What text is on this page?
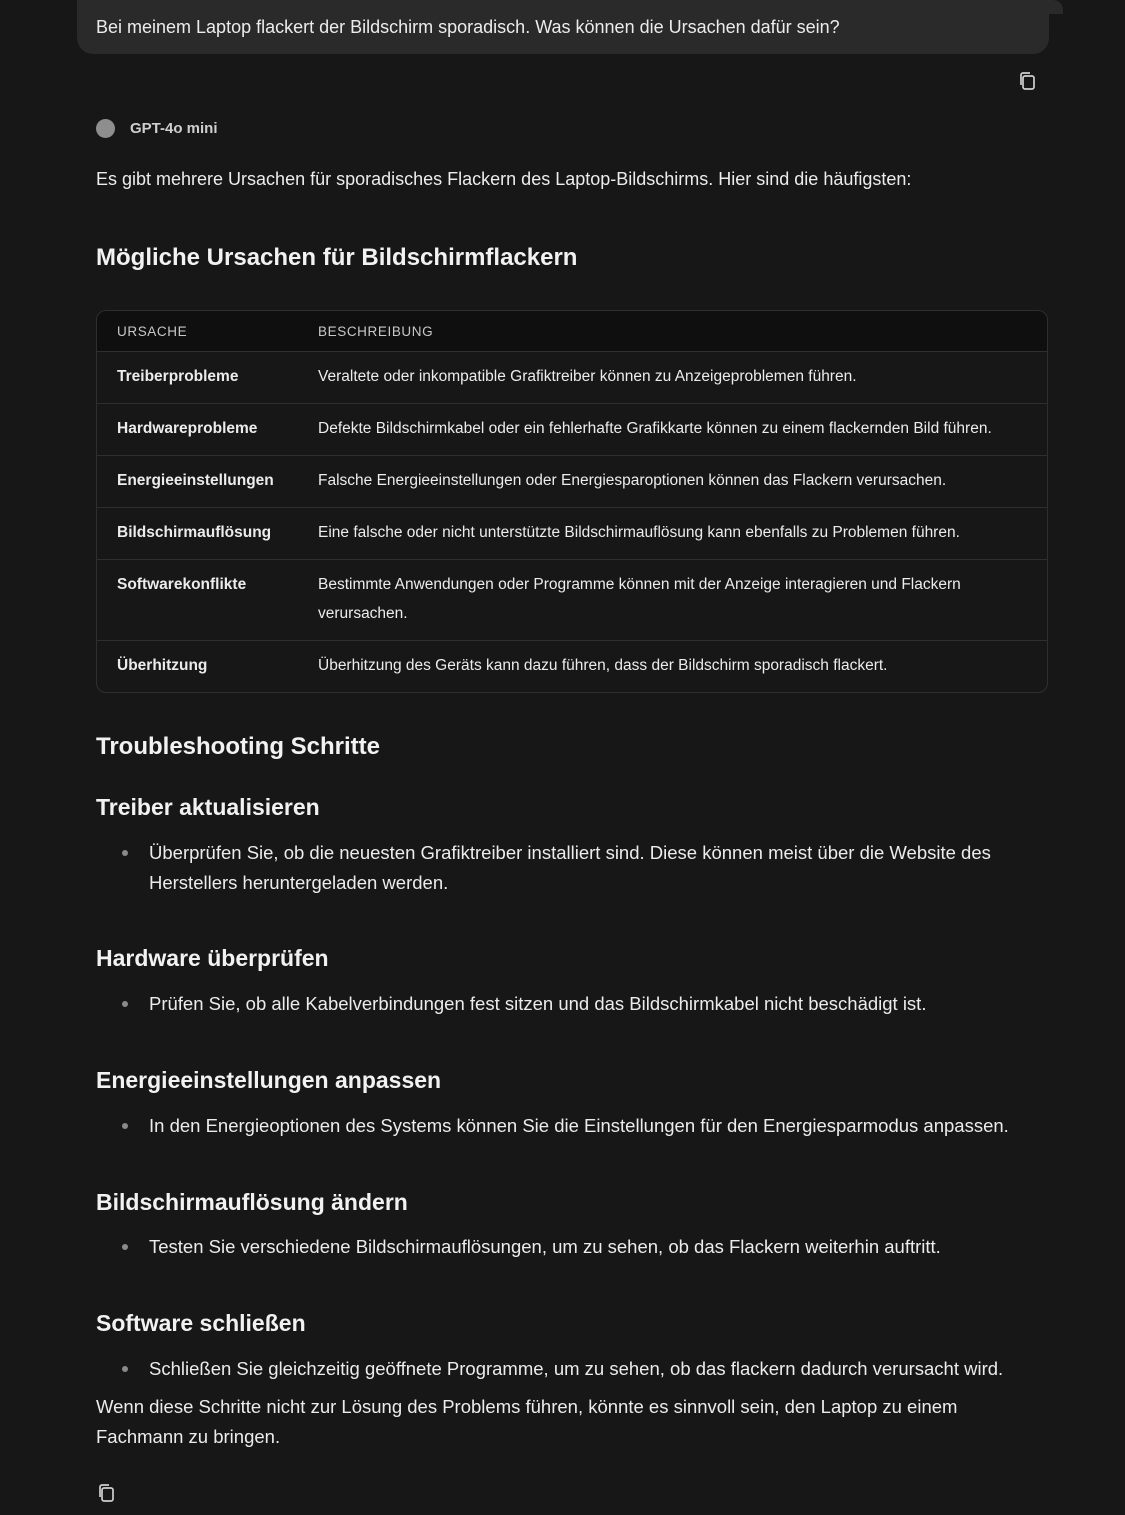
Bei meinem Laptop flackert der Bildschirm sporadisch. Was können die Ursachen dafür sein?
GPT-4o mini
Es gibt mehrere Ursachen für sporadisches Flackern des Laptop-Bildschirms. Hier sind die häufigsten:
Mögliche Ursachen für Bildschirmflackern
URSACHE	BESCHREIBUNG
Treiberprobleme	Veraltete oder inkompatible Grafiktreiber können zu Anzeigeproblemen führen.
Hardwareprobleme	Defekte Bildschirmkabel oder ein fehlerhafte Grafikkarte können zu einem flackernden Bild führen.
Energieeinstellungen	Falsche Energieeinstellungen oder Energiesparoptionen können das Flackern verursachen.
Bildschirmauflösung	Eine falsche oder nicht unterstützte Bildschirmauflösung kann ebenfalls zu Problemen führen.
Softwarekonflikte	Bestimmte Anwendungen oder Programme können mit der Anzeige interagieren und Flackern verursachen.
Überhitzung	Überhitzung des Geräts kann dazu führen, dass der Bildschirm sporadisch flackert.
Troubleshooting Schritte
Treiber aktualisieren
Überprüfen Sie, ob die neuesten Grafiktreiber installiert sind. Diese können meist über die Website des Herstellers heruntergeladen werden.
Hardware überprüfen
Prüfen Sie, ob alle Kabelverbindungen fest sitzen und das Bildschirmkabel nicht beschädigt ist.
Energieeinstellungen anpassen
In den Energieoptionen des Systems können Sie die Einstellungen für den Energiesparmodus anpassen.
Bildschirmauflösung ändern
Testen Sie verschiedene Bildschirmauflösungen, um zu sehen, ob das Flackern weiterhin auftritt.
Software schließen
Schließen Sie gleichzeitig geöffnete Programme, um zu sehen, ob das flackern dadurch verursacht wird.
Wenn diese Schritte nicht zur Lösung des Problems führen, könnte es sinnvoll sein, den Laptop zu einem Fachmann zu bringen.
